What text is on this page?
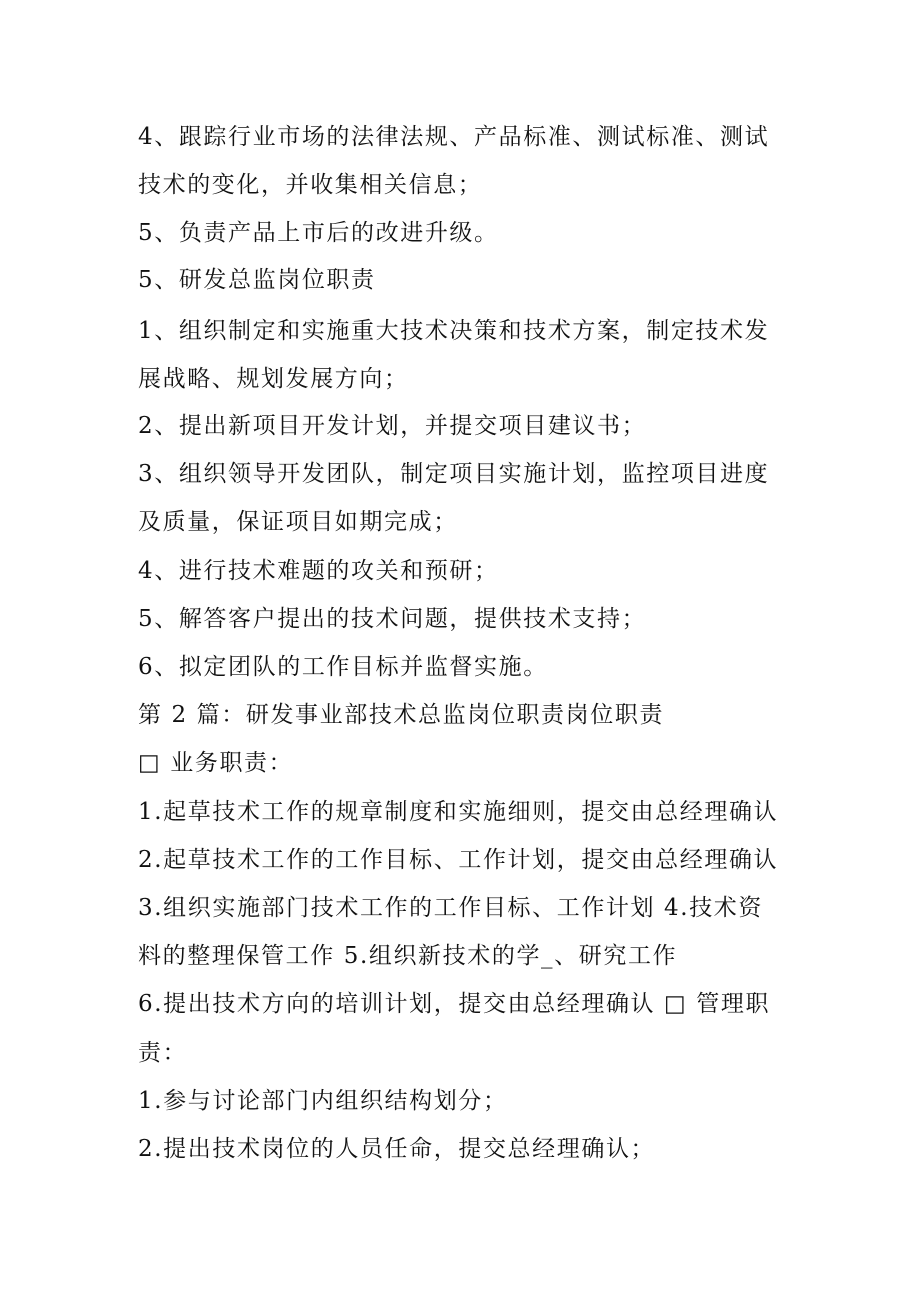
4、跟踪行业市场的法律法规、产品标准、测试标准、测试
技术的变化，并收集相关信息；
5、负责产品上市后的改进升级。
5、研发总监岗位职责
1、组织制定和实施重大技术决策和技术方案，制定技术发
展战略、规划发展方向；
2、提出新项目开发计划，并提交项目建议书；
3、组织领导开发团队，制定项目实施计划，监控项目进度
及质量，保证项目如期完成；
4、进行技术难题的攻关和预研；
5、解答客户提出的技术问题，提供技术支持；
6、拟定团队的工作目标并监督实施。
第 2 篇：研发事业部技术总监岗位职责岗位职责
□ 业务职责：
1.起草技术工作的规章制度和实施细则，提交由总经理确认
2.起草技术工作的工作目标、工作计划，提交由总经理确认
3.组织实施部门技术工作的工作目标、工作计划 4.技术资
料的整理保管工作 5.组织新技术的学_、研究工作
6.提出技术方向的培训计划，提交由总经理确认 □ 管理职
责：
1.参与讨论部门内组织结构划分；
2.提出技术岗位的人员任命，提交总经理确认；
